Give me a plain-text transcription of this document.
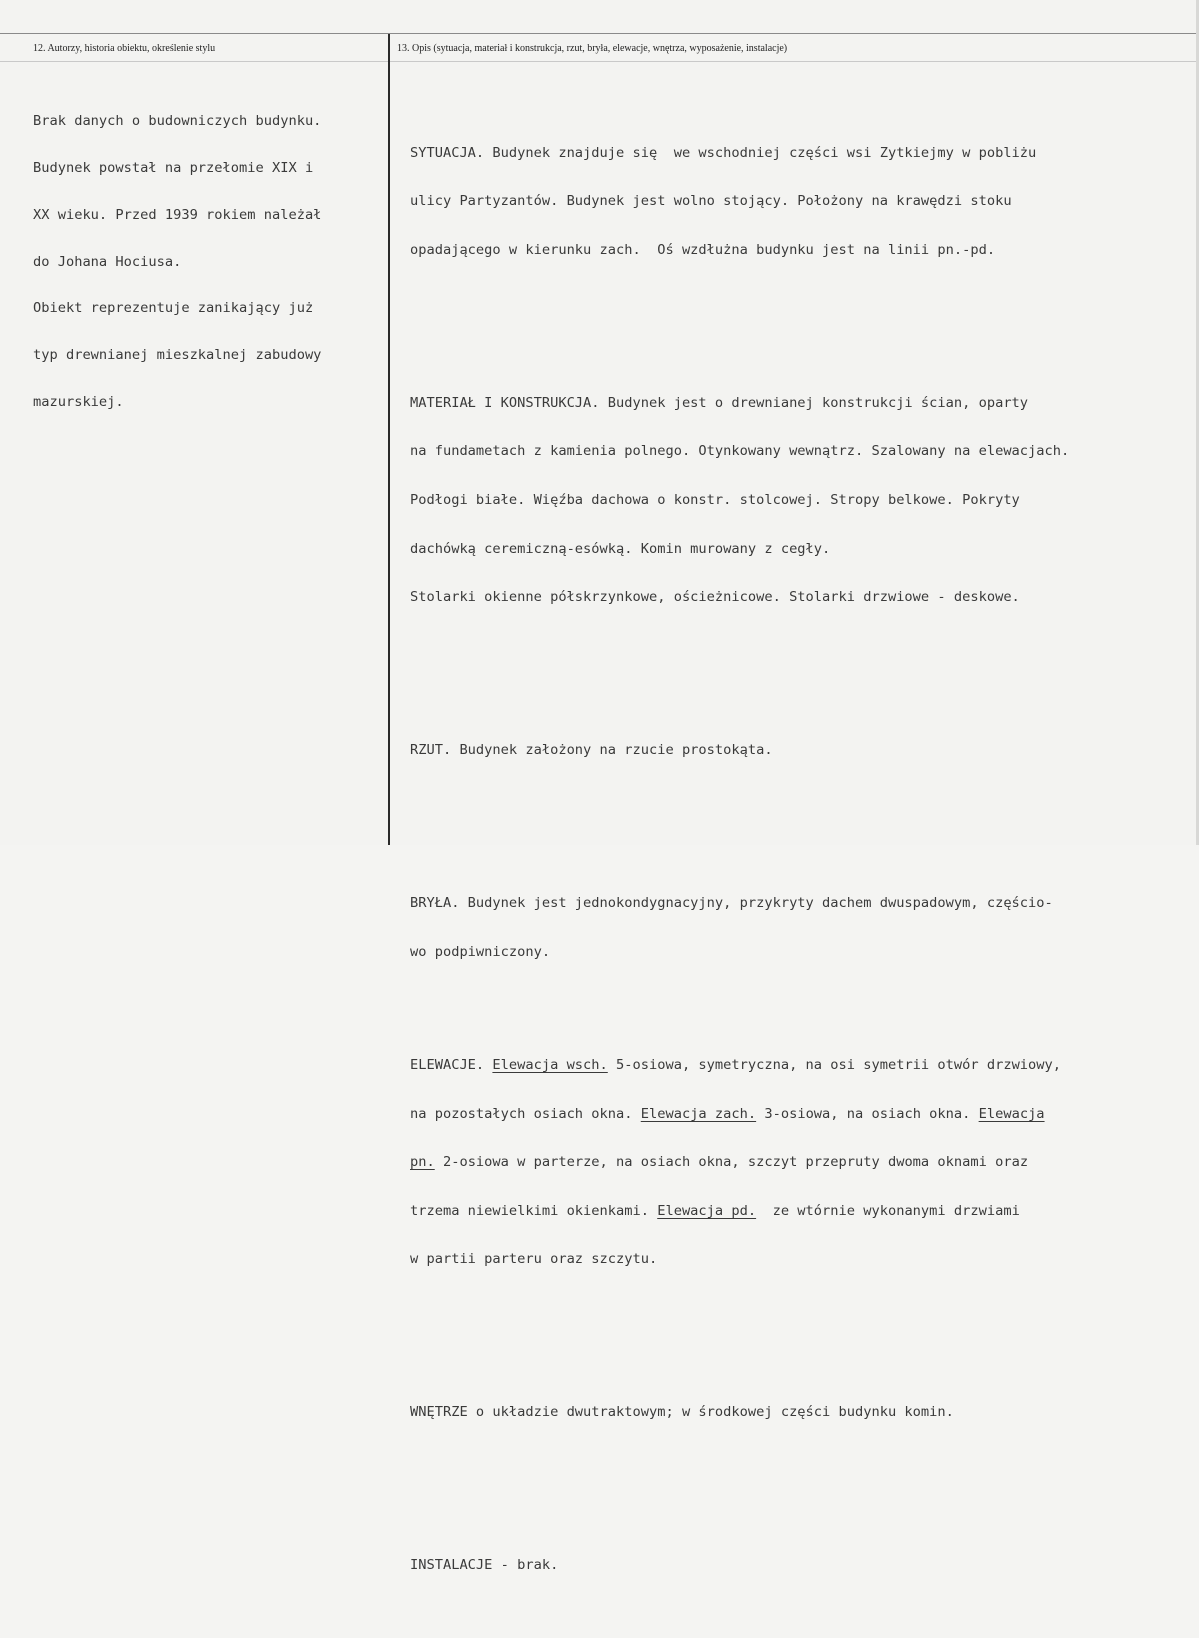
12. Autorzy, historia obiektu, określenie stylu	13. Opis (sytuacja, materiał i konstrukcja, rzut, bryła, elewacje, wnętrza, wyposażenie, instalacje)

Brak danych o budowniczych budynku.

Budynek powstał na przełomie XIX i

XX wieku. Przed 1939 rokiem należał

do Johana Hociusa.

Obiekt reprezentuje zanikający już

typ drewnianej mieszkalnej zabudowy

mazurskiej.

SYTUACJA. Budynek znajduje się  we wschodniej części wsi Zytkiejmy w pobliżu

ulicy Partyzantów. Budynek jest wolno stojący. Położony na krawędzi stoku

opadającego w kierunku zach.  Oś wzdłużna budynku jest na linii pn.-pd.

MATERIAŁ I KONSTRUKCJA. Budynek jest o drewnianej konstrukcji ścian, oparty

na fundametach z kamienia polnego. Otynkowany wewnątrz. Szalowany na elewacjach.

Podłogi białe. Więźba dachowa o konstr. stolcowej. Stropy belkowe. Pokryty

dachówką ceremiczną-esówką. Komin murowany z cegły.

Stolarki okienne półskrzynkowe, ościeżnicowe. Stolarki drzwiowe - deskowe.

RZUT. Budynek założony na rzucie prostokąta.

BRYŁA. Budynek jest jednokondygnacyjny, przykryty dachem dwuspadowym, częścio-

wo podpiwniczony.

ELEWACJE. Elewacja wsch. 5-osiowa, symetryczna, na osi symetrii otwór drzwiowy,

na pozostałych osiach okna. Elewacja zach. 3-osiowa, na osiach okna. Elewacja

pn. 2-osiowa w parterze, na osiach okna, szczyt przepruty dwoma oknami oraz

trzema niewielkimi okienkami. Elewacja pd.  ze wtórnie wykonanymi drzwiami

w partii parteru oraz szczytu.

WNĘTRZE o układzie dwutraktowym; w środkowej części budynku komin.

INSTALACJE - brak.
